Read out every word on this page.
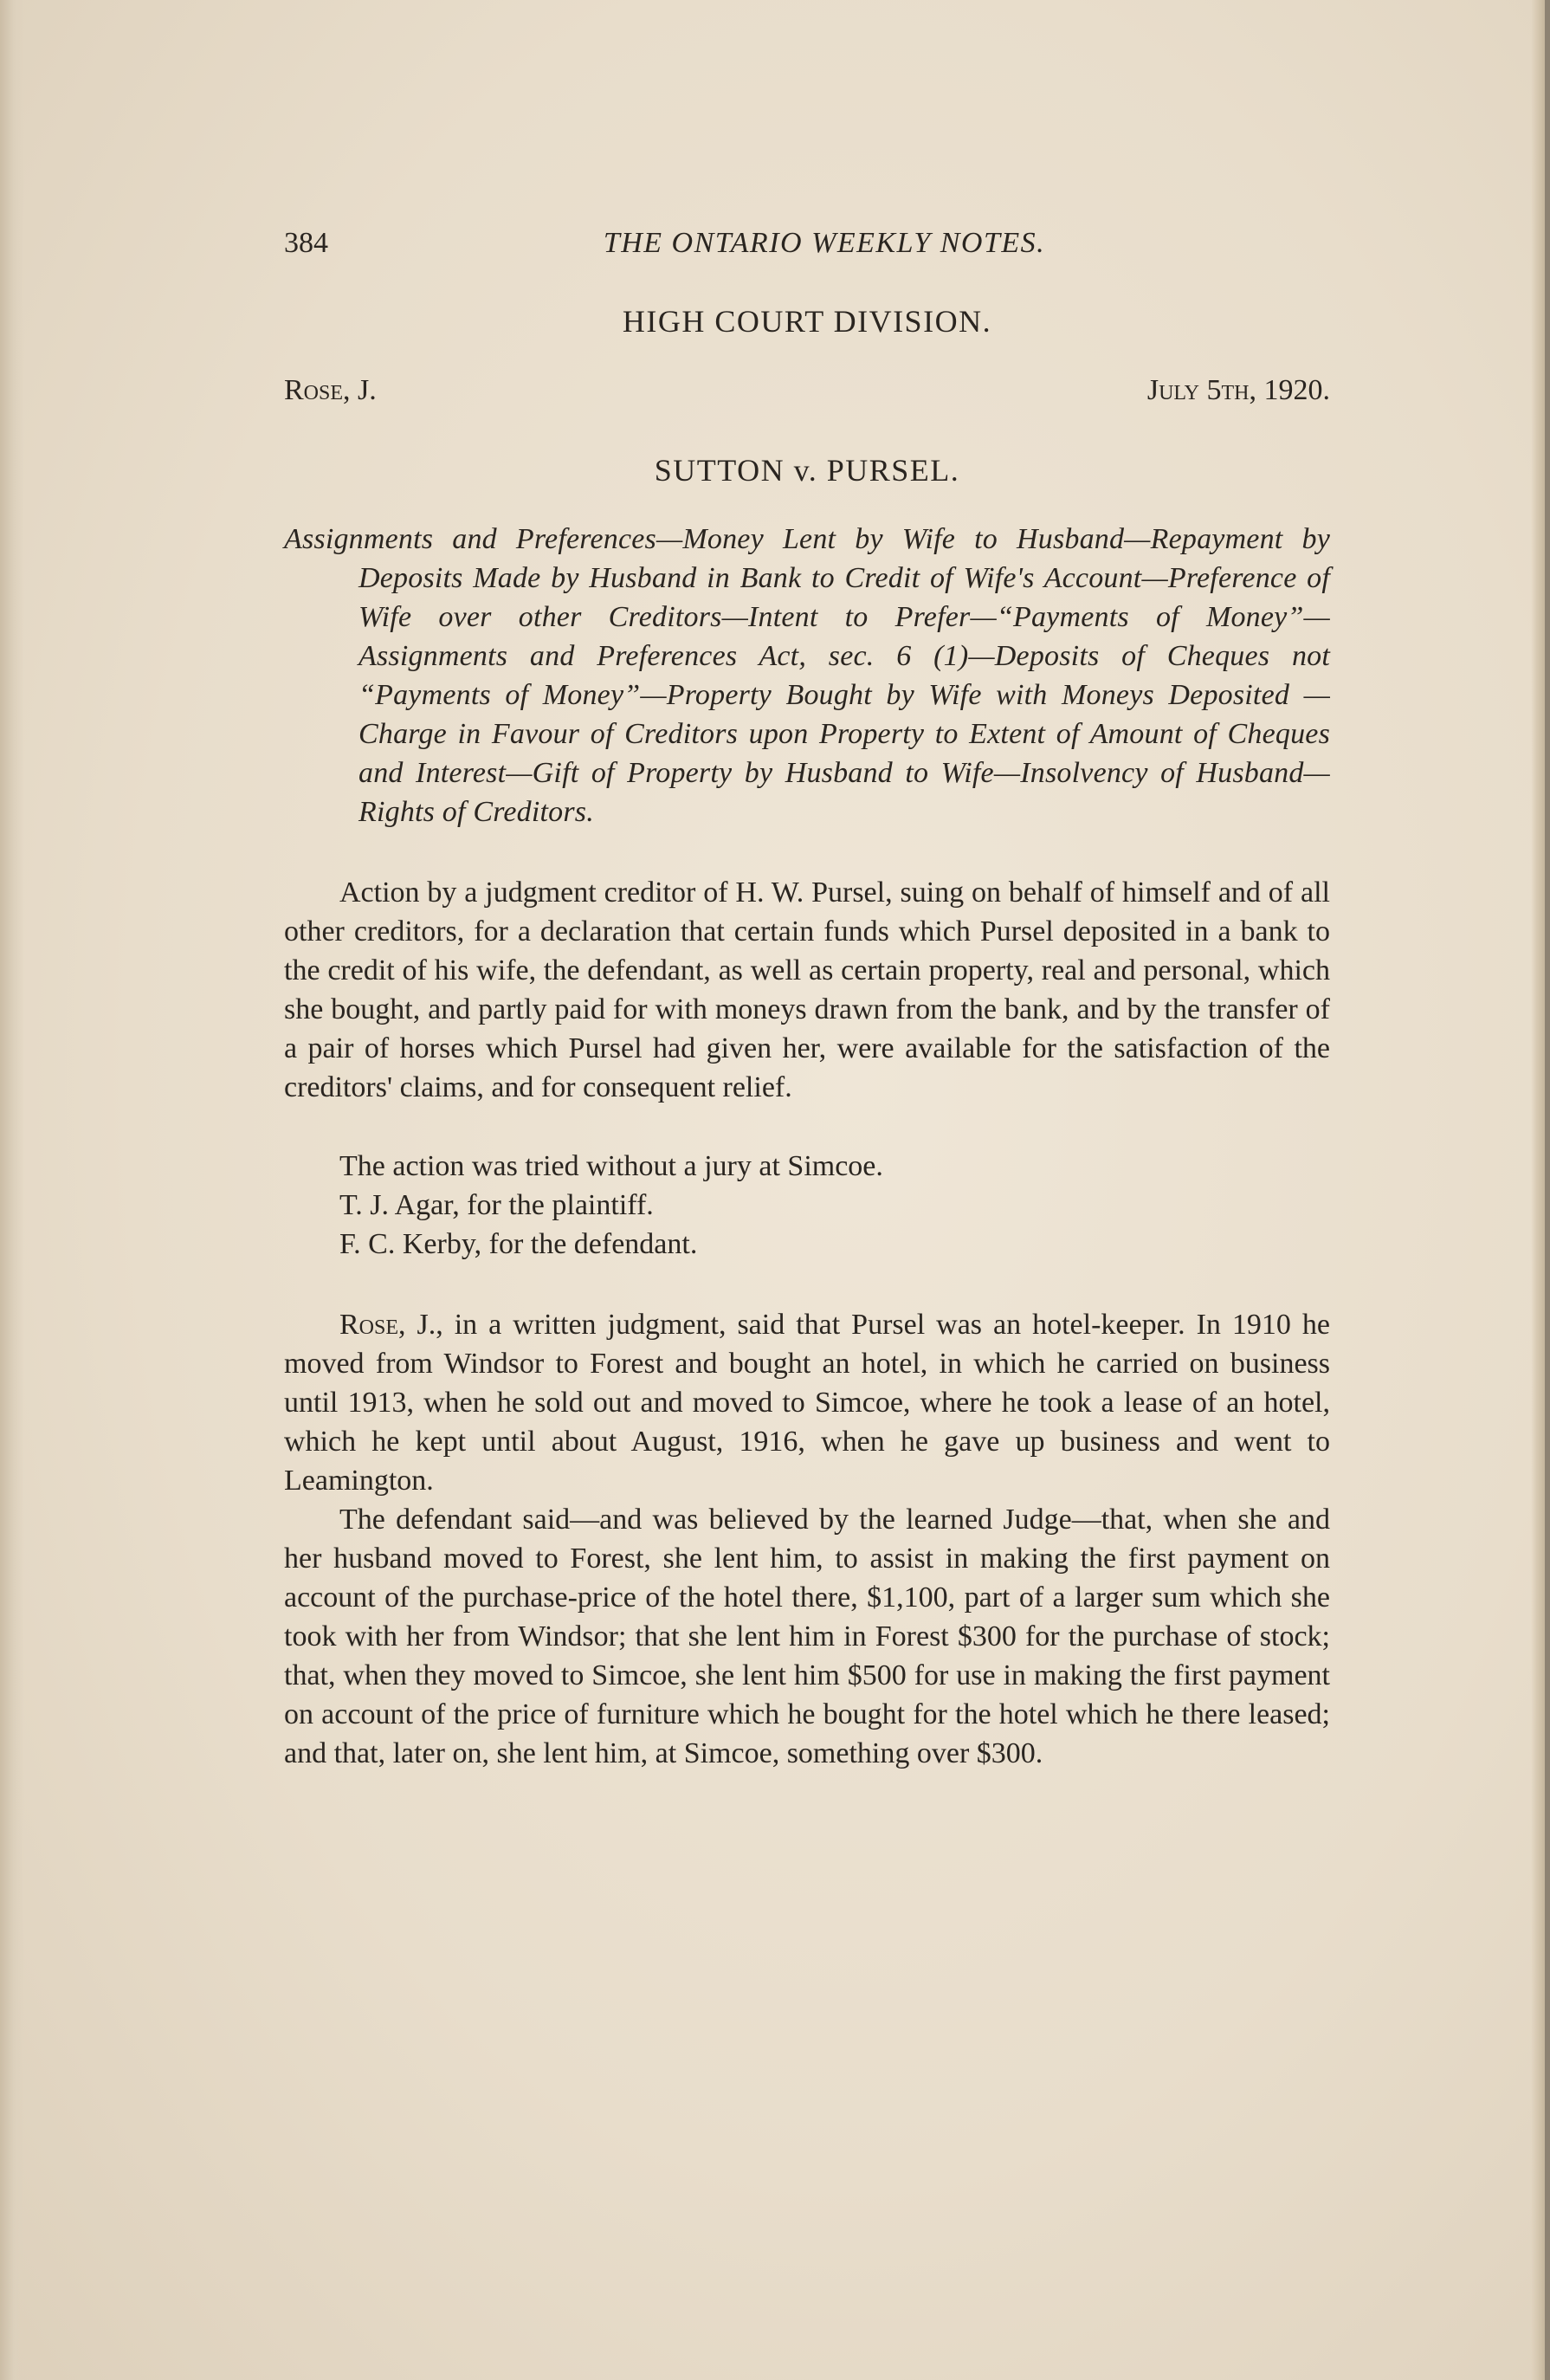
384	THE ONTARIO WEEKLY NOTES.
HIGH COURT DIVISION.
Rose, J.	July 5th, 1920.
SUTTON v. PURSEL.
Assignments and Preferences—Money Lent by Wife to Husband—Repayment by Deposits Made by Husband in Bank to Credit of Wife's Account—Preference of Wife over other Creditors—Intent to Prefer—“Payments of Money”—Assignments and Preferences Act, sec. 6 (1)—Deposits of Cheques not “Payments of Money”—Property Bought by Wife with Moneys Deposited —Charge in Favour of Creditors upon Property to Extent of Amount of Cheques and Interest—Gift of Property by Husband to Wife—Insolvency of Husband—Rights of Creditors.

Action by a judgment creditor of H. W. Pursel, suing on behalf of himself and of all other creditors, for a declaration that certain funds which Pursel deposited in a bank to the credit of his wife, the defendant, as well as certain property, real and personal, which she bought, and partly paid for with moneys drawn from the bank, and by the transfer of a pair of horses which Pursel had given her, were available for the satisfaction of the creditors' claims, and for consequent relief.

The action was tried without a jury at Simcoe.
T. J. Agar, for the plaintiff.
F. C. Kerby, for the defendant.

Rose, J., in a written judgment, said that Pursel was an hotel-keeper. In 1910 he moved from Windsor to Forest and bought an hotel, in which he carried on business until 1913, when he sold out and moved to Simcoe, where he took a lease of an hotel, which he kept until about August, 1916, when he gave up business and went to Leamington.

The defendant said—and was believed by the learned Judge—that, when she and her husband moved to Forest, she lent him, to assist in making the first payment on account of the purchase-price of the hotel there, $1,100, part of a larger sum which she took with her from Windsor; that she lent him in Forest $300 for the purchase of stock; that, when they moved to Simcoe, she lent him $500 for use in making the first payment on account of the price of furniture which he bought for the hotel which he there leased; and that, later on, she lent him, at Simcoe, something over $300.
